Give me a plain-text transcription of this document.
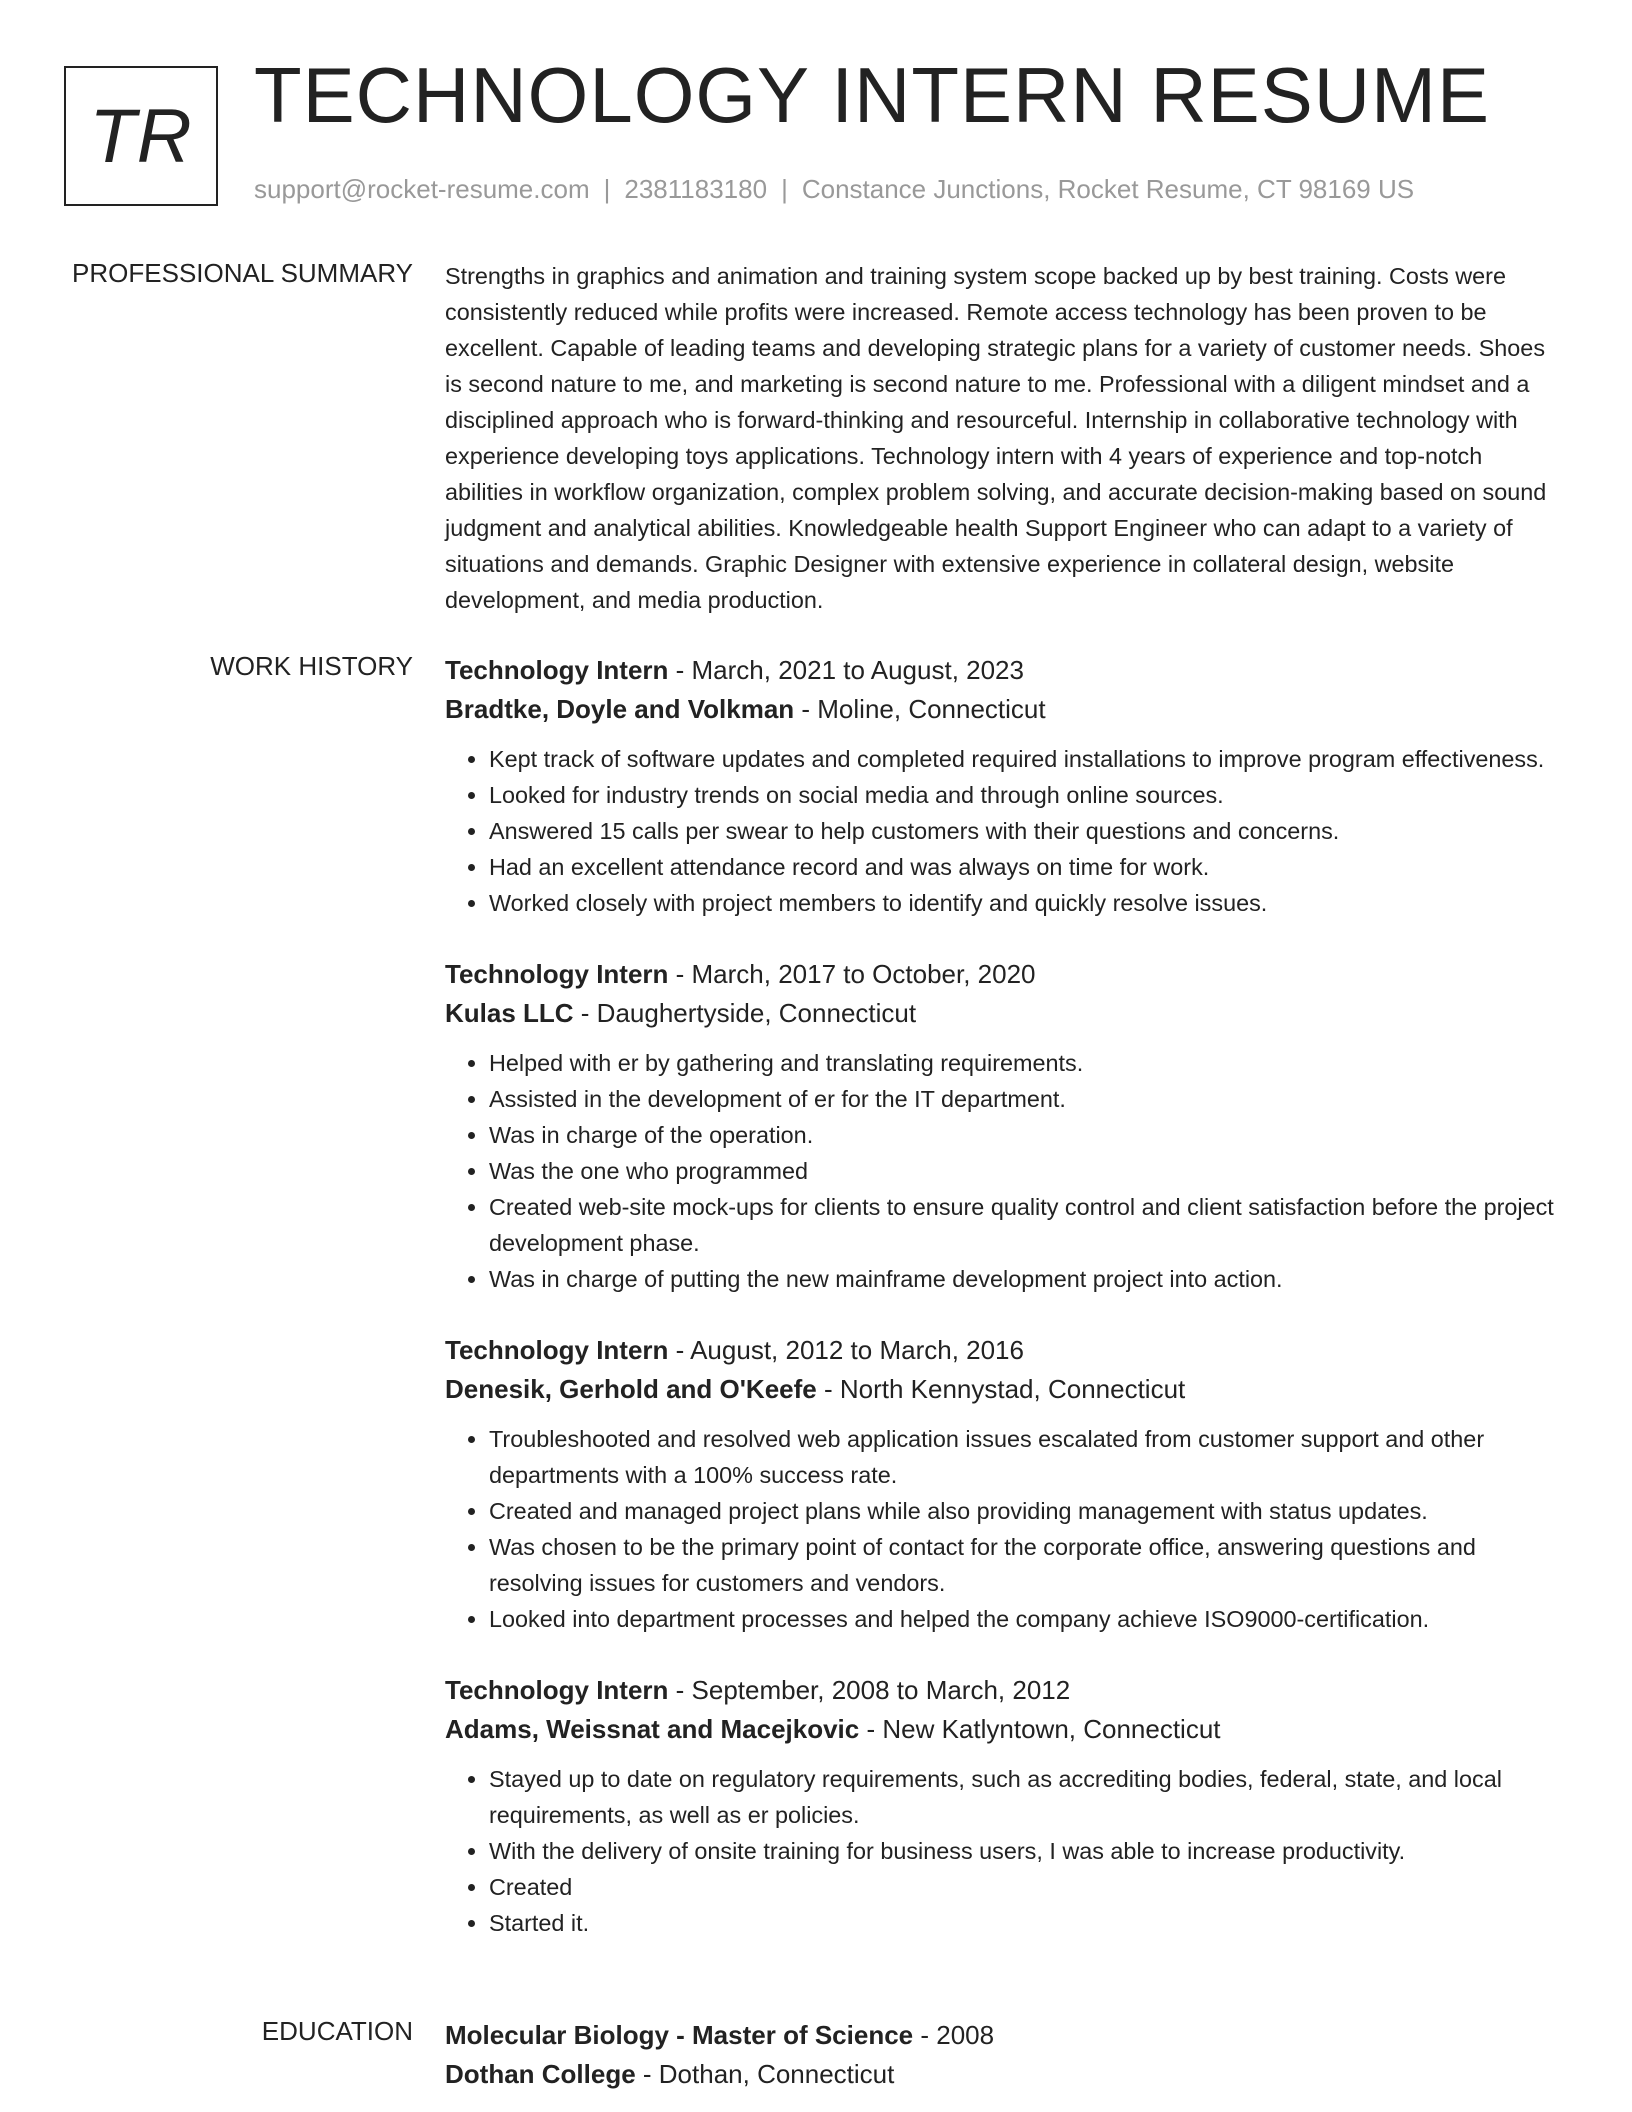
TR TECHNOLOGY INTERN RESUME
support@rocket-resume.com | 2381183180 | Constance Junctions, Rocket Resume, CT 98169 US
PROFESSIONAL SUMMARY Strengths in graphics and animation and training system scope backed up by best training. Costs were consistently reduced while profits were increased. Remote access technology has been proven to be excellent. Capable of leading teams and developing strategic plans for a variety of customer needs. Shoes is second nature to me, and marketing is second nature to me. Professional with a diligent mindset and a disciplined approach who is forward-thinking and resourceful. Internship in collaborative technology with experience developing toys applications. Technology intern with 4 years of experience and top-notch abilities in workflow organization, complex problem solving, and accurate decision-making based on sound judgment and analytical abilities. Knowledgeable health Support Engineer who can adapt to a variety of situations and demands. Graphic Designer with extensive experience in collateral design, website development, and media production.

WORK HISTORY Technology Intern - March, 2021 to August, 2023
Bradtke, Doyle and Volkman - Moline, Connecticut
• Kept track of software updates and completed required installations to improve program effectiveness.
• Looked for industry trends on social media and through online sources.
• Answered 15 calls per swear to help customers with their questions and concerns.
• Had an excellent attendance record and was always on time for work.
• Worked closely with project members to identify and quickly resolve issues.
Technology Intern - March, 2017 to October, 2020
Kulas LLC - Daughertyside, Connecticut
• Helped with er by gathering and translating requirements.
• Assisted in the development of er for the IT department.
• Was in charge of the operation.
• Was the one who programmed
• Created web-site mock-ups for clients to ensure quality control and client satisfaction before the project development phase.
• Was in charge of putting the new mainframe development project into action.
Technology Intern - August, 2012 to March, 2016
Denesik, Gerhold and O'Keefe - North Kennystad, Connecticut
• Troubleshooted and resolved web application issues escalated from customer support and other departments with a 100% success rate.
• Created and managed project plans while also providing management with status updates.
• Was chosen to be the primary point of contact for the corporate office, answering questions and resolving issues for customers and vendors.
• Looked into department processes and helped the company achieve ISO9000-certification.
Technology Intern - September, 2008 to March, 2012
Adams, Weissnat and Macejkovic - New Katlyntown, Connecticut
• Stayed up to date on regulatory requirements, such as accrediting bodies, federal, state, and local requirements, as well as er policies.
• With the delivery of onsite training for business users, I was able to increase productivity.
• Created
• Started it.
EDUCATION Molecular Biology - Master of Science - 2008
Dothan College - Dothan, Connecticut
